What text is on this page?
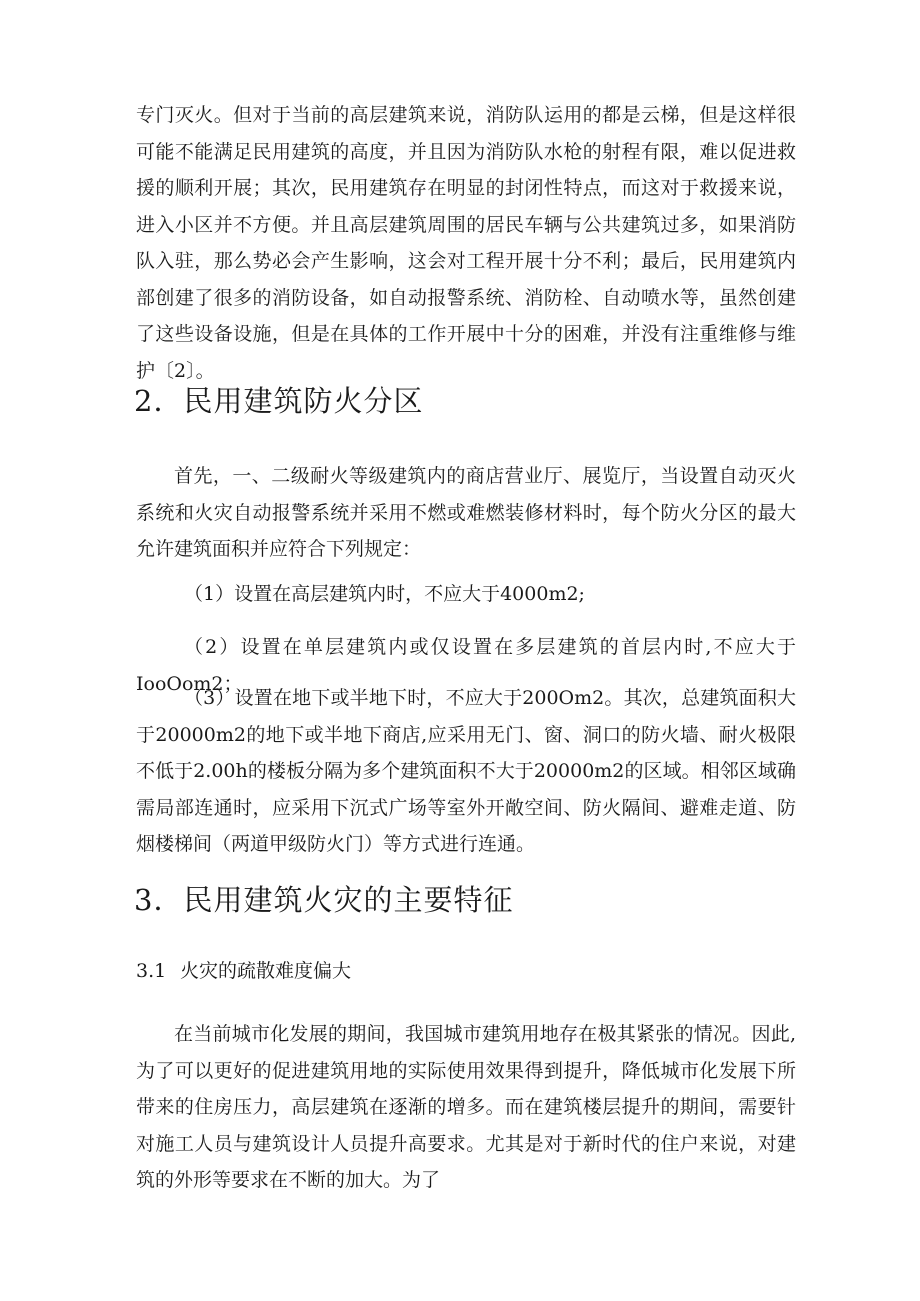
专门灭火。但对于当前的高层建筑来说，消防队运用的都是云梯，但是这样很可能不能满足民用建筑的高度，并且因为消防队水枪的射程有限，难以促进救援的顺利开展；其次，民用建筑存在明显的封闭性特点，而这对于救援来说，进入小区并不方便。并且高层建筑周围的居民车辆与公共建筑过多，如果消防队入驻，那么势必会产生影响，这会对工程开展十分不利；最后，民用建筑内部创建了很多的消防设备，如自动报警系统、消防栓、自动喷水等，虽然创建了这些设备设施，但是在具体的工作开展中十分的困难，并没有注重维修与维护〔2〕。

2．民用建筑防火分区

首先，一、二级耐火等级建筑内的商店营业厅、展览厅，当设置自动灭火系统和火灾自动报警系统并采用不燃或难燃装修材料时，每个防火分区的最大允许建筑面积并应符合下列规定：

（1）设置在高层建筑内时，不应大于4000m2;

（2）设置在单层建筑内或仅设置在多层建筑的首层内时,不应大于IooOom2；

（3）设置在地下或半地下时，不应大于200Om2。其次，总建筑面积大于20000m2的地下或半地下商店,应采用无门、窗、洞口的防火墙、耐火极限不低于2.00h的楼板分隔为多个建筑面积不大于20000m2的区域。相邻区域确需局部连通时，应采用下沉式广场等室外开敞空间、防火隔间、避难走道、防烟楼梯间（两道甲级防火门）等方式进行连通。

3．民用建筑火灾的主要特征

3.1 火灾的疏散难度偏大

在当前城市化发展的期间，我国城市建筑用地存在极其紧张的情况。因此,为了可以更好的促进建筑用地的实际使用效果得到提升，降低城市化发展下所带来的住房压力，高层建筑在逐渐的增多。而在建筑楼层提升的期间，需要针对施工人员与建筑设计人员提升高要求。尤其是对于新时代的住户来说，对建筑的外形等要求在不断的加大。为了
